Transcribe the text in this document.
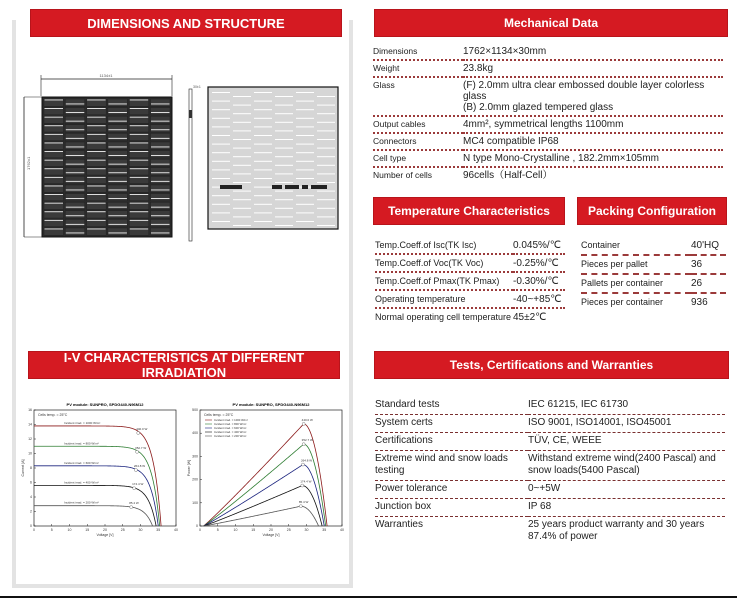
DIMENSIONS AND STRUCTURE	Mechanical Data
Temperature Characteristics	Packing Configuration
I-V CHARACTERISTICS AT DIFFERENT IRRADIATION	Tests, Certifications and Warranties
1134±1
1762±1
30±1
PV module: SUNPRO, SPDG440-N96M12
0	5	10	15	20	25	30	35	40
0
2
4
6
8
10
12
14
16
Voltage [V]
Current [A]
Cells temp. = 25°C
Incident irrad. = 1000 W/m²
440.0 W
Incident irrad. = 800 W/m²
352.7 W
Incident irrad. = 600 W/m²
264.8 W
Incident irrad. = 400 W/m²	174.4 W
Incident irrad. = 200 W/m²	85.4 W
PV module: SUNPRO, SPDG440-N96M12
0	5	10	15	20	25	30	35	40
0
100
200
300
400
500
Voltage [V]
Power [W]
Cells temp. = 25°C
Incident irrad. = 1000 W/m²	440.0 W
Incident irrad. = 800 W/m²
352.7 W
Incident irrad. = 600 W/m²
264.8 W
Incident irrad. = 400 W/m²
174.4 W
Incident irrad. = 200 W/m²
85.4 W
Dimensions	1762×1134×30mm

Weight	23.8kg

Glass	(F) 2.0mm ultra clear embossed double layer colorless glass
(B) 2.0mm glazed tempered glass

Output cables	4mm², symmetrical lengths 1100mm

Connectors	MC4 compatible IP68

Cell type	N type Mono-Crystalline , 182.2mm×105mm

Number of cells	96cells（Half-Cell）
Temp.Coeff.of Isc(TK Isc)	0.045%/℃

Temp.Coeff.of Voc(TK Voc)	-0.25%/℃

Temp.Coeff.of Pmax(TK Pmax)	-0.30%/℃

Operating temperature	-40~+85℃

Normal operating cell temperature	45±2℃
Container	40'HQ

Pieces per pallet	36

Pallets per container	26

Pieces per container	936
Standard tests	IEC 61215, IEC 61730

System certs	ISO 9001, ISO14001, ISO45001

Certifications	TÜV, CE, WEEE

Extreme wind and snow loads testing	Withstand extreme wind(2400 Pascal) and snow loads(5400 Pascal)

Power tolerance	0~+5W

Junction box	IP 68

Warranties	25 years product warranty and 30 years 87.4% of power
